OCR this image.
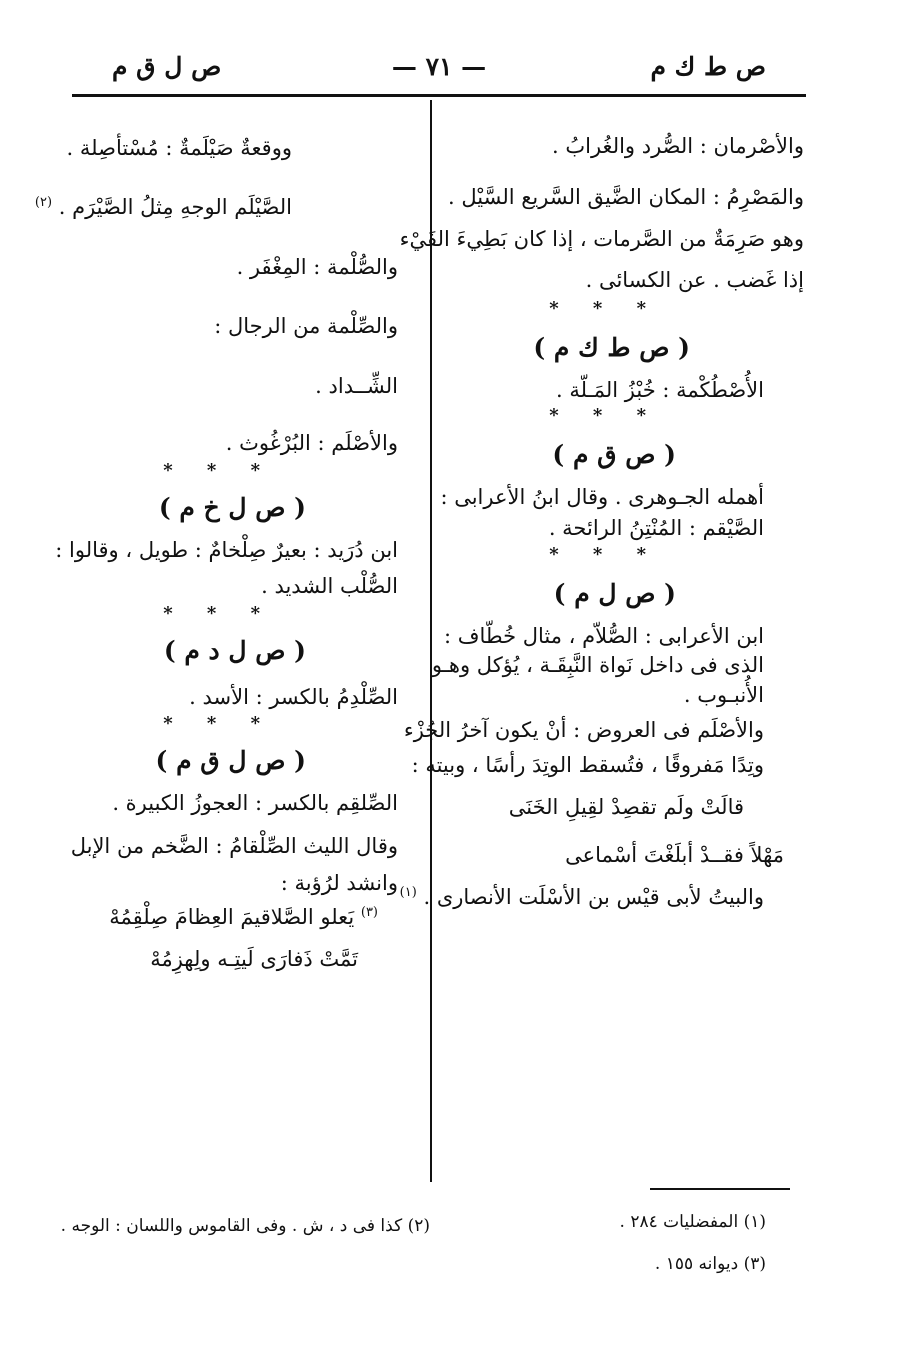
ص ط ك م
— ٧١ —
ص ل ق م
والأصْرمان : الصُّرد والغُرابُ .
والمَصْرِمُ : المكان الضَّيق السَّريع السَّيْل .
وهو صَرِمَةٌ من الصَّرمات ، إذا كان بَطِيءَ الفَيْء
إذا غَضب . عن الكسائى .
* * *
( ص ط ك م )
الأُصْطُكْمة : خُبْزُ المَـلّة .
* * *
( ص ق م )
أهمله الجـوهرى . وقال ابنُ الأعرابى :
الصَّيْقم : المُنْتِنُ الرائحة .
* * *
( ص ل م )
ابن الأعرابى : الصُّلاّم ، مثال خُطّاف :
الذى فى داخل نَواة النَّبِقَـة ، يُؤكل وهـو
الأُنبـوب .
والأصْلَم فى العروض : أنْ يكون آخرُ الجُزْء
وتِدًا مَفروقًا ، فتُسقط الوتِدَ رأسًا ، وبيته :
قالَتْ ولَم تقصِدْ لقِيلِ الخَنَى
مَهْلاً فقــدْ أبلَغْتَ أسْماعى
والبيتُ لأبى قيْس بن الأسْلَت الأنصارى . $^{(١)}$
ووقعةٌ صَيْلَمةٌ : مُسْتأصِلة .
الصَّيْلَم الوجهِ مِثلُ الصَّيْرَم . $^{(٢)}$
والصُّلْمة : المِغْفَر .
والصِّلْمة من الرجال :
الشِّــداد .
والأصْلَم : البُرْغُوث .
* * *
( ص ل خ م )
ابن دُرَيد : بعيرٌ صِلْخامٌ : طويل ، وقالوا :
الصُّلْب الشديد .
* * *
( ص ل د م )
الصِّلْدِمُ بالكسر : الأسد .
* * *
( ص ل ق م )
الصِّلقِم بالكسر : العجوزُ الكبيرة .
وقال الليث الصِّلْقامُ : الضَّخم من الإبل
وانشد لرُؤبة :
$^{(٣)}$ يَعلو الصَّلاقيمَ العِظامَ صِلْقِمُهْ
تَمَّتْ ذَفارَى لَيتِـه ولِهزِمُهْ
(١) المفضليات ٢٨٤ .
(٣) ديوانه ١٥٥ .
(٢) كذا فى د ، ش . وفى القاموس واللسان : الوجه .
